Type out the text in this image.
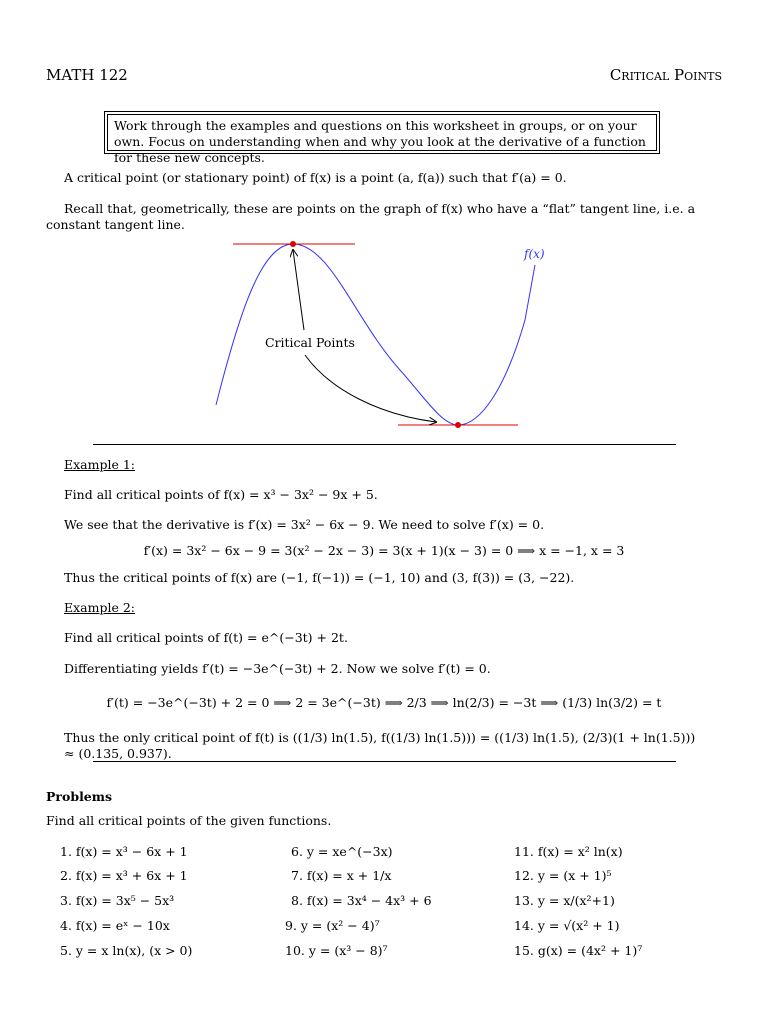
MATH 122	Critical Points
Work through the examples and questions on this worksheet in groups, or on your own. Focus on understanding when and why you look at the derivative of a function for these new concepts.
A critical point (or stationary point) of f(x) is a point (a, f(a)) such that f′(a) = 0.
Recall that, geometrically, these are points on the graph of f(x) who have a “flat” tangent line, i.e. a constant tangent line.
Critical Points
f(x)
Example 1:
Find all critical points of f(x) = x³ − 3x² − 9x + 5.
We see that the derivative is f′(x) = 3x² − 6x − 9. We need to solve f′(x) = 0.
f′(x) = 3x² − 6x − 9 = 3(x² − 2x − 3) = 3(x + 1)(x − 3) = 0 ⟹ x = −1, x = 3
Thus the critical points of f(x) are (−1, f(−1)) = (−1, 10) and (3, f(3)) = (3, −22).
Example 2:
Find all critical points of f(t) = e^(−3t) + 2t.
Differentiating yields f′(t) = −3e^(−3t) + 2. Now we solve f′(t) = 0.
f′(t) = −3e^(−3t) + 2 = 0 ⟹ 2 = 3e^(−3t) ⟹ 2/3 ⟹ ln(2/3) = −3t ⟹ (1/3) ln(3/2) = t
Thus the only critical point of f(t) is ((1/3) ln(1.5), f((1/3) ln(1.5))) = ((1/3) ln(1.5), (2/3)(1 + ln(1.5))) ≈ (0.135, 0.937).
Problems
Find all critical points of the given functions.
1. f(x) = x³ − 6x + 1
2. f(x) = x³ + 6x + 1
3. f(x) = 3x⁵ − 5x³
4. f(x) = eˣ − 10x
5. y = x ln(x), (x > 0)
6. y = xe^(−3x)
7. f(x) = x + 1/x
8. f(x) = 3x⁴ − 4x³ + 6
9. y = (x² − 4)⁷
10. y = (x³ − 8)⁷
11. f(x) = x² ln(x)
12. y = (x + 1)⁵
13. y = x/(x²+1)
14. y = √(x² + 1)
15. g(x) = (4x² + 1)⁷
